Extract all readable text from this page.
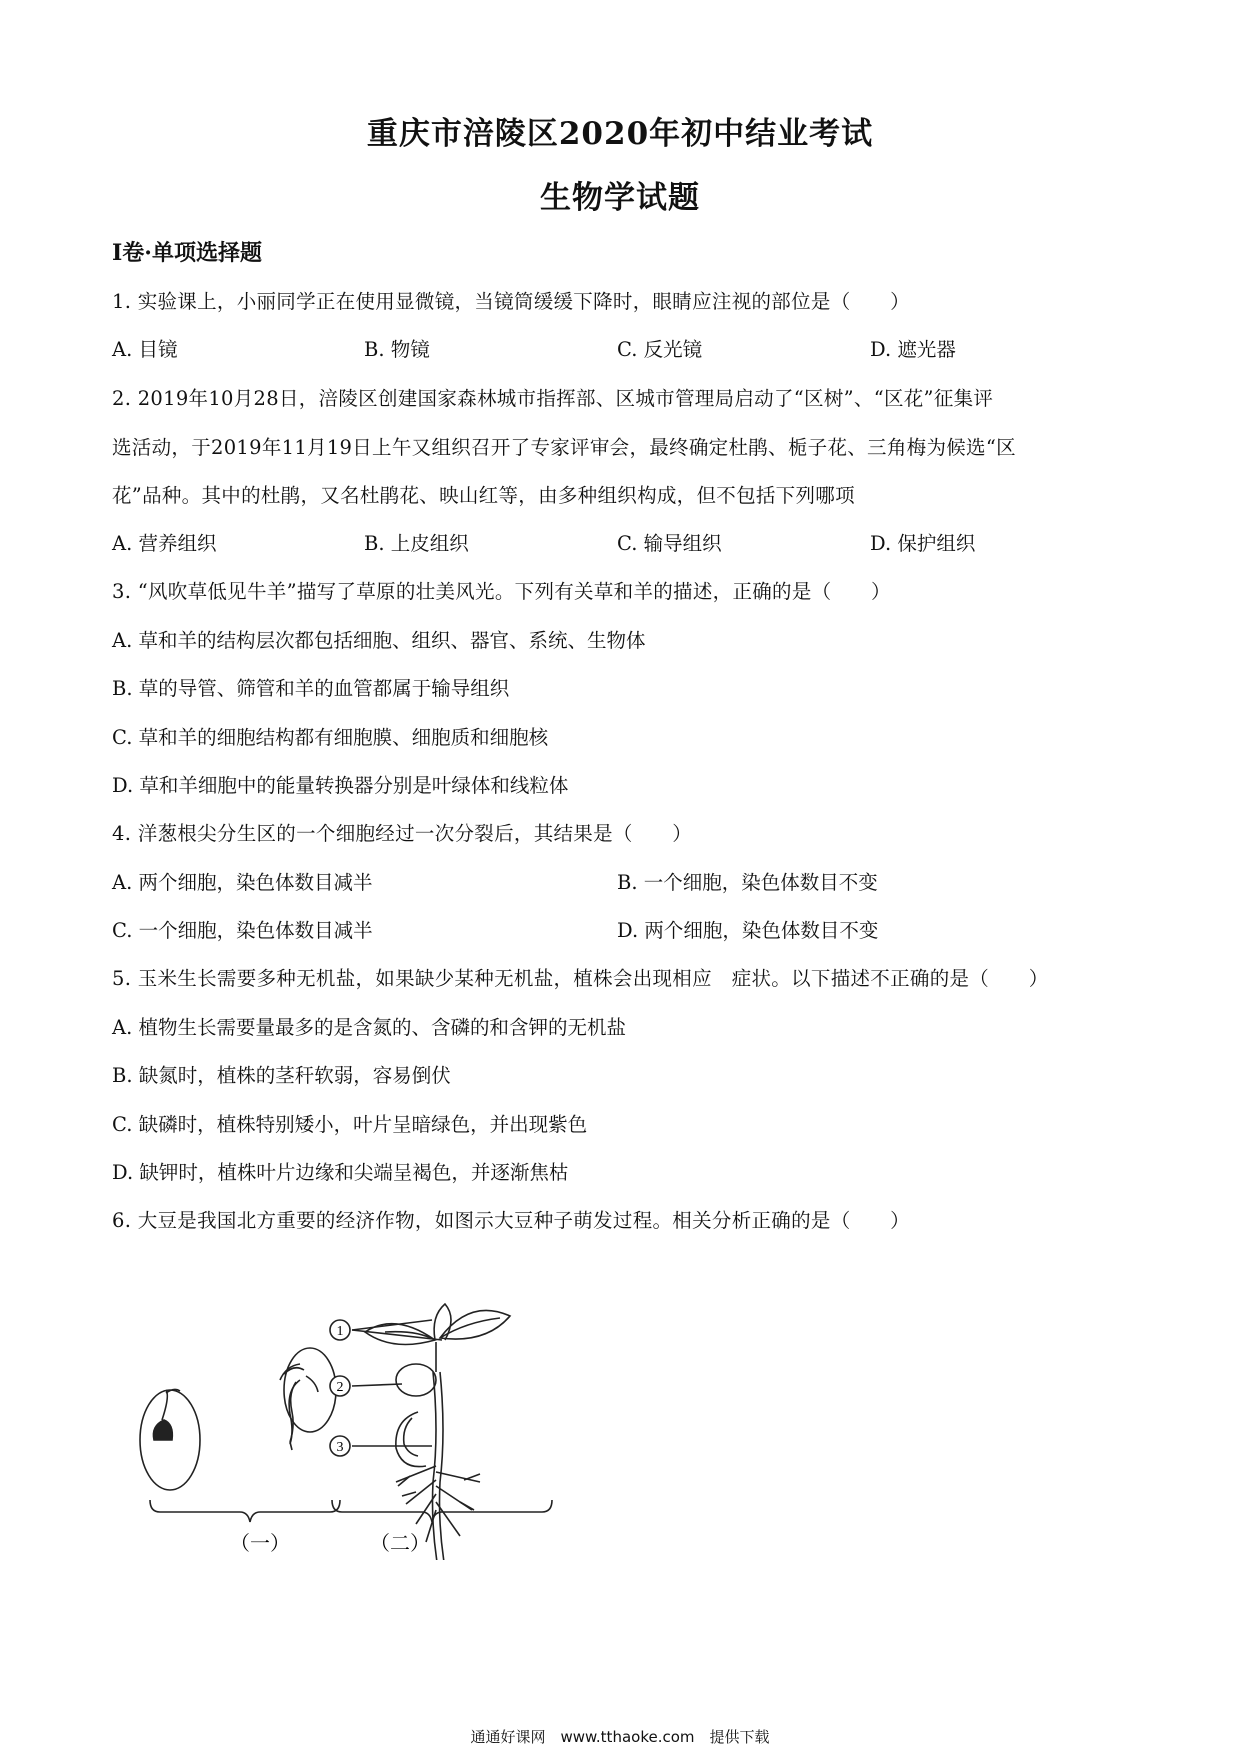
重庆市涪陵区2020年初中结业考试
生物学试题
I卷·单项选择题
1. 实验课上，小丽同学正在使用显微镜，当镜筒缓缓下降时，眼睛应注视的部位是（　　）
A. 目镜	B. 物镜	C. 反光镜	D. 遮光器
2. 2019年10月28日，涪陵区创建国家森林城市指挥部、区城市管理局启动了“区树”、“区花”征集评
选活动，于2019年11月19日上午又组织召开了专家评审会，最终确定杜鹃、栀子花、三角梅为候选“区
花”品种。其中的杜鹃，又名杜鹃花、映山红等，由多种组织构成，但不包括下列哪项
A. 营养组织	B. 上皮组织	C. 输导组织	D. 保护组织
3. “风吹草低见牛羊”描写了草原的壮美风光。下列有关草和羊的描述，正确的是（　　）
A. 草和羊的结构层次都包括细胞、组织、器官、系统、生物体
B. 草的导管、筛管和羊的血管都属于输导组织
C. 草和羊的细胞结构都有细胞膜、细胞质和细胞核
D. 草和羊细胞中的能量转换器分别是叶绿体和线粒体
4. 洋葱根尖分生区的一个细胞经过一次分裂后，其结果是（　　）
A. 两个细胞，染色体数目减半	B. 一个细胞，染色体数目不变
C. 一个细胞，染色体数目减半	D. 两个细胞，染色体数目不变
5. 玉米生长需要多种无机盐，如果缺少某种无机盐，植株会出现相应　症状。以下描述不正确的是（　　）
A. 植物生长需要量最多的是含氮的、含磷的和含钾的无机盐
B. 缺氮时，植株的茎秆软弱，容易倒伏
C. 缺磷时，植株特别矮小，叶片呈暗绿色，并出现紫色
D. 缺钾时，植株叶片边缘和尖端呈褐色，并逐渐焦枯
6. 大豆是我国北方重要的经济作物，如图示大豆种子萌发过程。相关分析正确的是（　　）
1
2
3
（一）	（二）
通通好课网　www.tthaoke.com　提供下载
